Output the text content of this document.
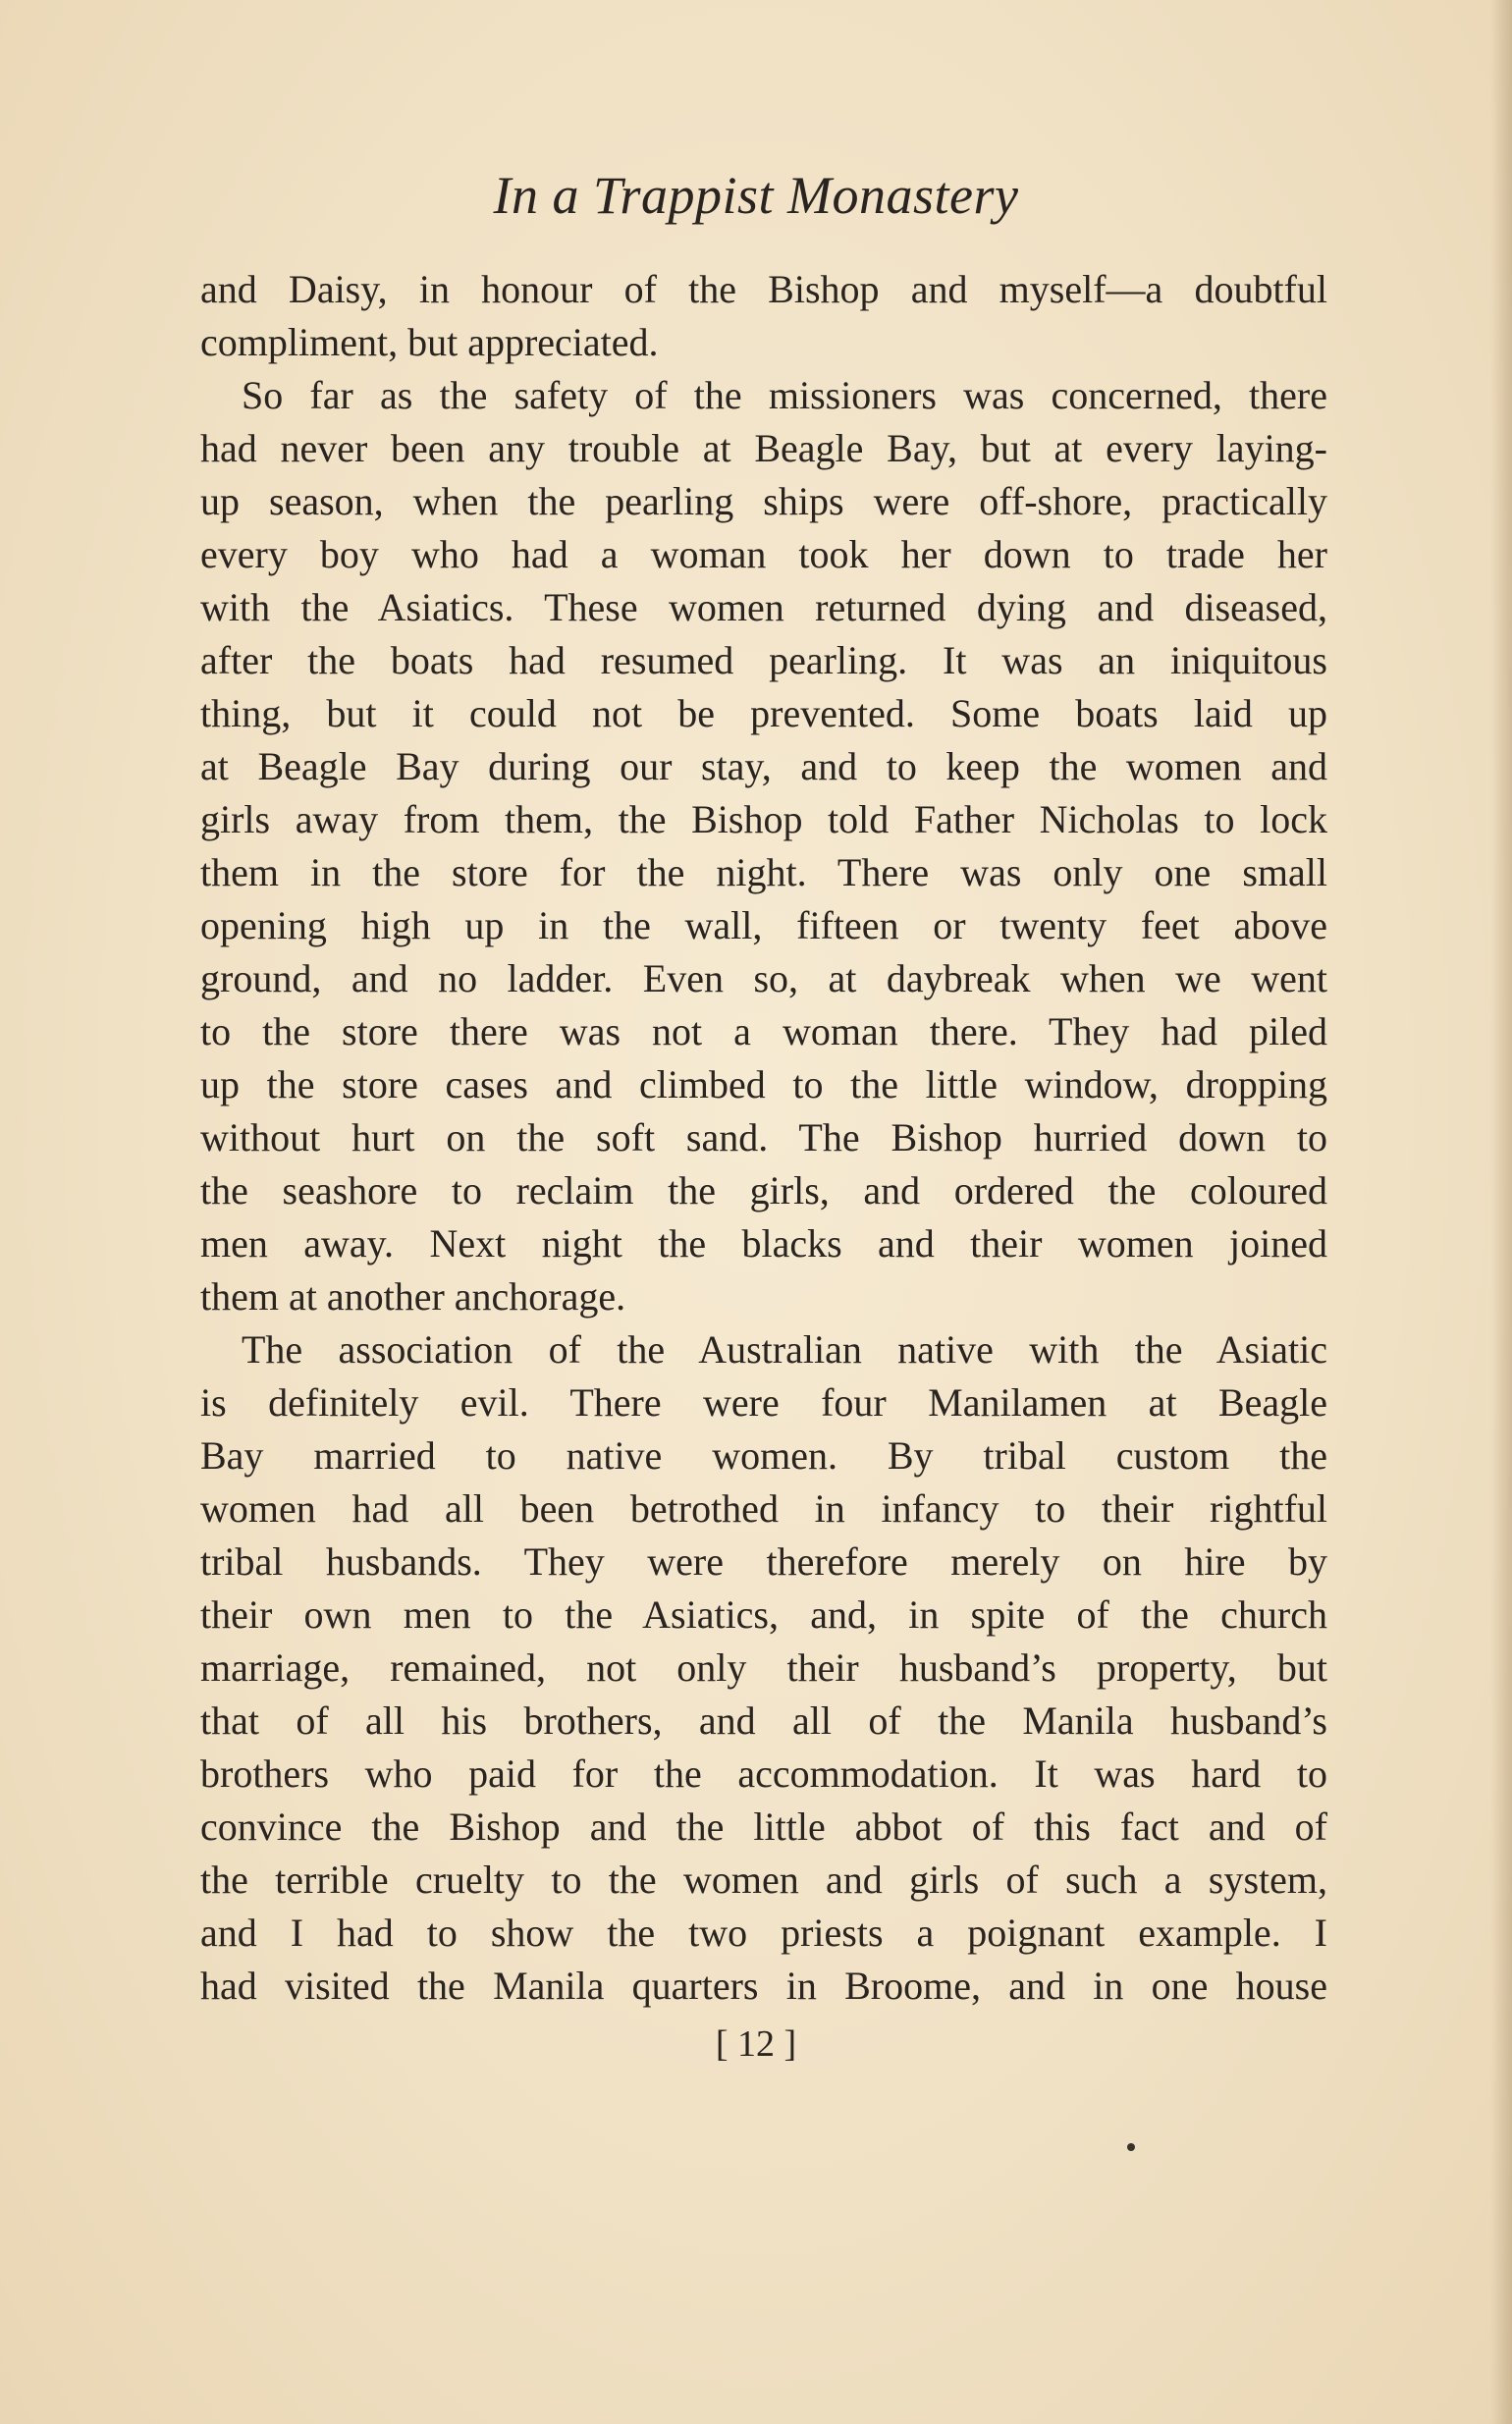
In a Trappist Monastery
and Daisy, in honour of the Bishop and myself—a doubtful
compliment, but appreciated.
So far as the safety of the missioners was concerned, there
had never been any trouble at Beagle Bay, but at every laying-
up season, when the pearling ships were off-shore, practically
every boy who had a woman took her down to trade her
with the Asiatics. These women returned dying and diseased,
after the boats had resumed pearling. It was an iniquitous
thing, but it could not be prevented. Some boats laid up
at Beagle Bay during our stay, and to keep the women and
girls away from them, the Bishop told Father Nicholas to lock
them in the store for the night. There was only one small
opening high up in the wall, fifteen or twenty feet above
ground, and no ladder. Even so, at daybreak when we went
to the store there was not a woman there. They had piled
up the store cases and climbed to the little window, dropping
without hurt on the soft sand. The Bishop hurried down to
the seashore to reclaim the girls, and ordered the coloured
men away. Next night the blacks and their women joined
them at another anchorage.
The association of the Australian native with the Asiatic
is definitely evil. There were four Manilamen at Beagle
Bay married to native women. By tribal custom the
women had all been betrothed in infancy to their rightful
tribal husbands. They were therefore merely on hire by
their own men to the Asiatics, and, in spite of the church
marriage, remained, not only their husband’s property, but
that of all his brothers, and all of the Manila husband’s
brothers who paid for the accommodation. It was hard to
convince the Bishop and the little abbot of this fact and of
the terrible cruelty to the women and girls of such a system,
and I had to show the two priests a poignant example. I
had visited the Manila quarters in Broome, and in one house
[ 12 ]
